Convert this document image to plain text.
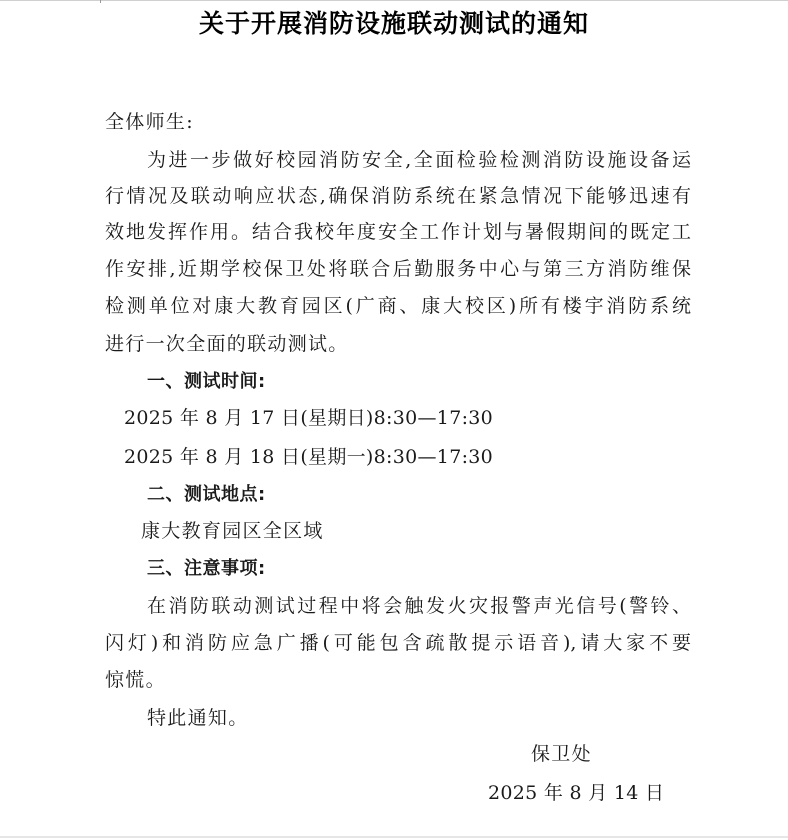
关于开展消防设施联动测试的通知
全体师生:
为进一步做好校园消防安全,全面检验检测消防设施设备运
行情况及联动响应状态,确保消防系统在紧急情况下能够迅速有
效地发挥作用。结合我校年度安全工作计划与暑假期间的既定工
作安排,近期学校保卫处将联合后勤服务中心与第三方消防维保
检测单位对康大教育园区(广商、康大校区)所有楼宇消防系统
进行一次全面的联动测试。
一、测试时间:
2025 年 8 月 17 日(星期日)8:30—17:30
2025 年 8 月 18 日(星期一)8:30—17:30
二、测试地点:
康大教育园区全区域
三、注意事项:
在消防联动测试过程中将会触发火灾报警声光信号(警铃、
闪灯)和消防应急广播(可能包含疏散提示语音),请大家不要
惊慌。
特此通知。
保卫处
2025 年 8 月 14 日
